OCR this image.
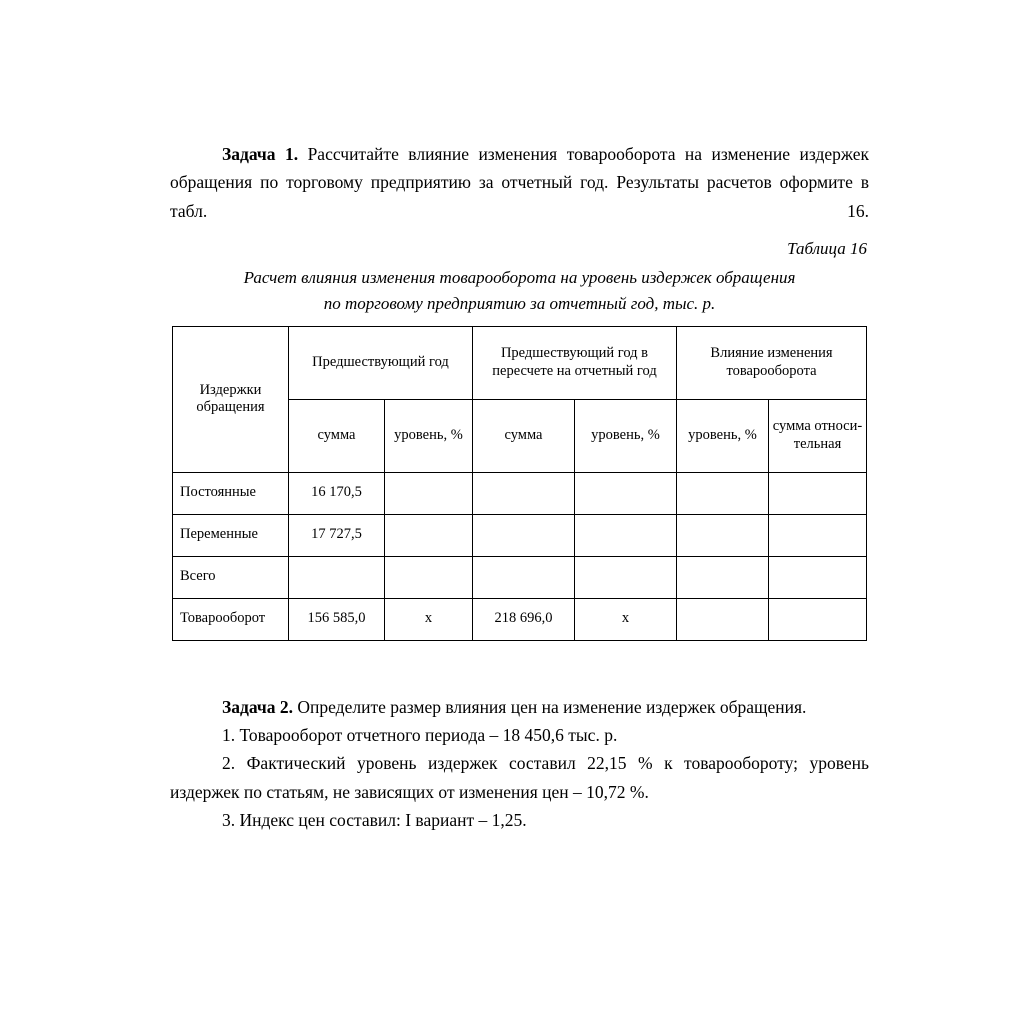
Задача 1. Рассчитайте влияние изменения товарооборота на изменение издержек обращения по торговому предприятию за отчетный год. Результаты расчетов оформите в табл. 16.

Таблица 16
Расчет влияния изменения товарооборота на уровень издержек обращения
по торговому предприятию за отчетный год, тыс. р.
Издержки обращения	Предшествующий год		Предшествующий год в пересчете на отчетный год		Влияние изменения товарооборота	
	сумма	уровень, %	сумма	уровень, %	уровень, %	сумма относи-тельная
Постоянные	16 170,5					
Переменные	17 727,5					
Всего						
Товарооборот	156 585,0	х	218 696,0	х		

Задача 2. Определите размер влияния цен на изменение издержек обращения.

1. Товарооборот отчетного периода – 18 450,6 тыс. р.

2. Фактический уровень издержек составил 22,15 % к товарообороту; уровень издержек по статьям, не зависящих от изменения цен – 10,72 %.

3. Индекс цен составил: I вариант – 1,25.
